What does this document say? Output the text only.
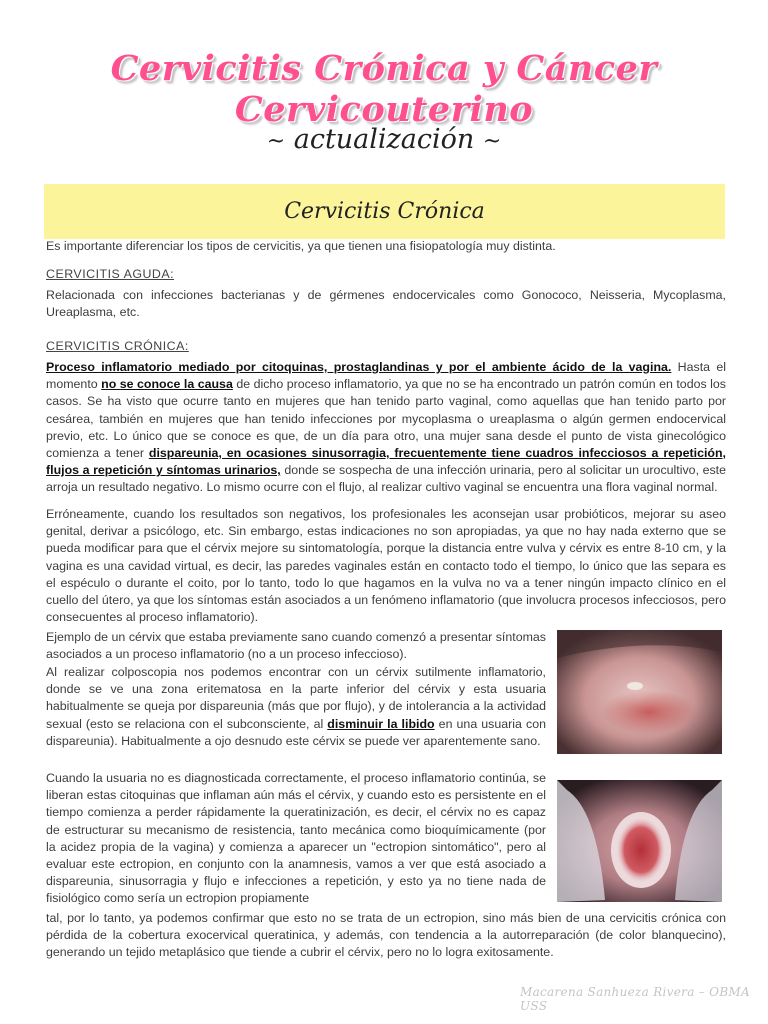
Cervicitis Crónica y Cáncer Cervicouterino
~ actualización ~
Cervicitis Crónica
Es importante diferenciar los tipos de cervicitis, ya que tienen una fisiopatología muy distinta.
CERVICITIS AGUDA:
Relacionada con infecciones bacterianas y de gérmenes endocervicales como Gonococo, Neisseria, Mycoplasma, Ureaplasma, etc.
CERVICITIS CRÓNICA:
Proceso inflamatorio mediado por citoquinas, prostaglandinas y por el ambiente ácido de la vagina. Hasta el momento no se conoce la causa de dicho proceso inflamatorio, ya que no se ha encontrado un patrón común en todos los casos. Se ha visto que ocurre tanto en mujeres que han tenido parto vaginal, como aquellas que han tenido parto por cesárea, también en mujeres que han tenido infecciones por mycoplasma o ureaplasma o algún germen endocervical previo, etc. Lo único que se conoce es que, de un día para otro, una mujer sana desde el punto de vista ginecológico comienza a tener dispareunia, en ocasiones sinusorragia, frecuentemente tiene cuadros infecciosos a repetición, flujos a repetición y síntomas urinarios, donde se sospecha de una infección urinaria, pero al solicitar un urocultivo, este arroja un resultado negativo. Lo mismo ocurre con el flujo, al realizar cultivo vaginal se encuentra una flora vaginal normal.
Erróneamente, cuando los resultados son negativos, los profesionales les aconsejan usar probióticos, mejorar su aseo genital, derivar a psicólogo, etc. Sin embargo, estas indicaciones no son apropiadas, ya que no hay nada externo que se pueda modificar para que el cérvix mejore su sintomatología, porque la distancia entre vulva y cérvix es entre 8-10 cm, y la vagina es una cavidad virtual, es decir, las paredes vaginales están en contacto todo el tiempo, lo único que las separa es el espéculo o durante el coito, por lo tanto, todo lo que hagamos en la vulva no va a tener ningún impacto clínico en el cuello del útero, ya que los síntomas están asociados a un fenómeno inflamatorio (que involucra procesos infecciosos, pero consecuentes al proceso inflamatorio).
Ejemplo de un cérvix que estaba previamente sano cuando comenzó a presentar síntomas asociados a un proceso inflamatorio (no a un proceso infeccioso).
Al realizar colposcopia nos podemos encontrar con un cérvix sutilmente inflamatorio, donde se ve una zona eritematosa en la parte inferior del cérvix y esta usuaria habitualmente se queja por dispareunia (más que por flujo), y de intolerancia a la actividad sexual (esto se relaciona con el subconsciente, al disminuir la libido en una usuaria con dispareunia). Habitualmente a ojo desnudo este cérvix se puede ver aparentemente sano.
Cuando la usuaria no es diagnosticada correctamente, el proceso inflamatorio continúa, se liberan estas citoquinas que inflaman aún más el cérvix, y cuando esto es persistente en el tiempo comienza a perder rápidamente la queratinización, es decir, el cérvix no es capaz de estructurar su mecanismo de resistencia, tanto mecánica como bioquímicamente (por la acidez propia de la vagina) y comienza a aparecer un "ectropion sintomático", pero al evaluar este ectropion, en conjunto con la anamnesis, vamos a ver que está asociado a dispareunia, sinusorragia y flujo e infecciones a repetición, y esto ya no tiene nada de fisiológico como sería un ectropion propiamente
tal, por lo tanto, ya podemos confirmar que esto no se trata de un ectropion, sino más bien de una cervicitis crónica con pérdida de la cobertura exocervical queratinica, y además, con tendencia a la autorreparación (de color blanquecino), generando un tejido metaplásico que tiende a cubrir el cérvix, pero no lo logra exitosamente.
Macarena Sanhueza Rivera – OBMA USS
